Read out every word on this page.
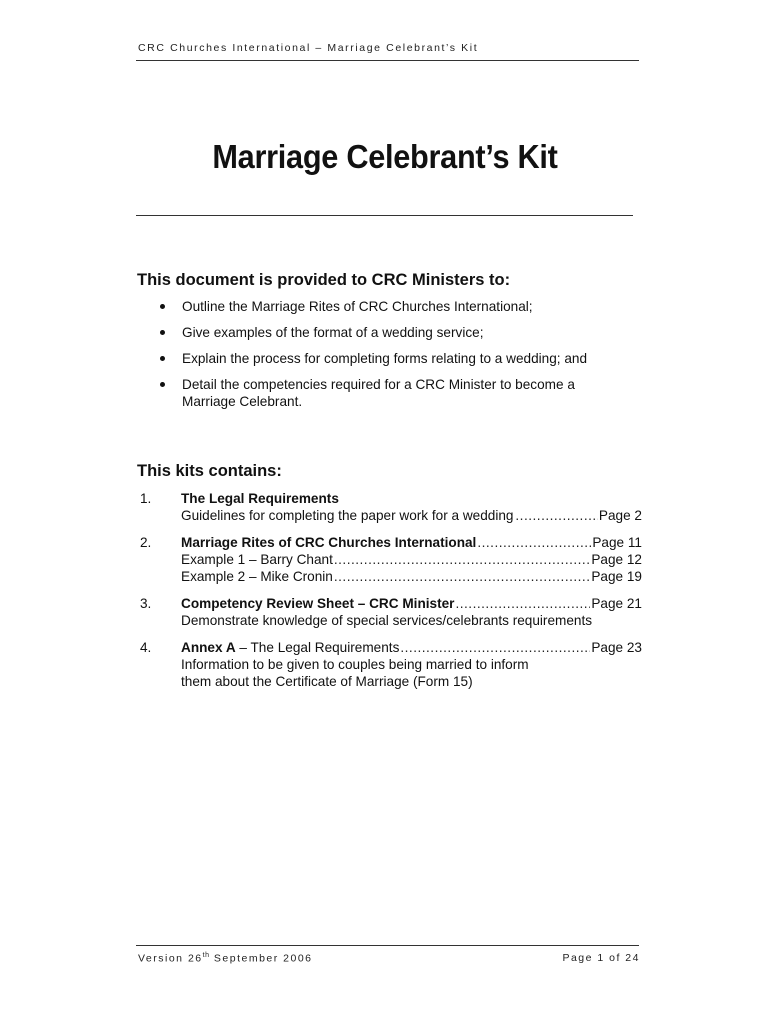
CRC Churches International – Marriage Celebrant’s Kit
Marriage Celebrant’s Kit
This document is provided to CRC Ministers to:
Outline the Marriage Rites of CRC Churches International;
Give examples of the format of a wedding service;
Explain the process for completing forms relating to a wedding; and
Detail the competencies required for a CRC Minister to become a
Marriage Celebrant.
This kits contains:
1. The Legal Requirements
Guidelines for completing the paper work for a wedding .....	Page 2
2. Marriage Rites of CRC Churches International .....	Page 11
Example 1 – Barry Chant .....	Page 12
Example 2 – Mike Cronin .....	Page 19
3. Competency Review Sheet – CRC Minister .....	Page 21
Demonstrate knowledge of special services/celebrants requirements
4. Annex A – The Legal Requirements .....	Page 23
Information to be given to couples being married to inform
them about the Certificate of Marriage (Form 15)
Version 26th September 2006	Page 1 of 24
